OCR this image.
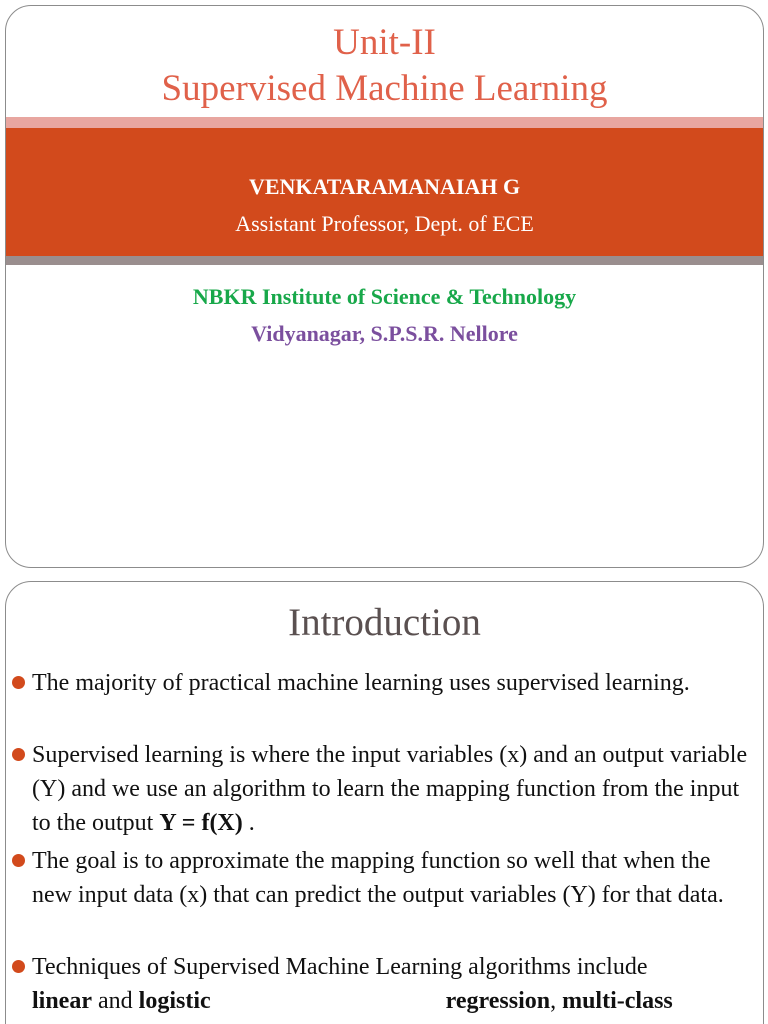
Unit-II
Supervised Machine Learning
VENKATARAMANAIAH G
Assistant Professor, Dept. of ECE
NBKR Institute of Science & Technology
Vidyanagar, S.P.S.R. Nellore
Introduction
The majority of practical machine learning uses supervised learning.
Supervised learning is where the input variables (x) and an output variable (Y) and we use an algorithm to learn the mapping function from the input to the output Y = f(X) .
The goal is to approximate the mapping function so well that when the new input data (x) that can predict the output variables (Y) for that data.
Techniques of Supervised Machine Learning algorithms include
linear and logistic	regression, multi-class
